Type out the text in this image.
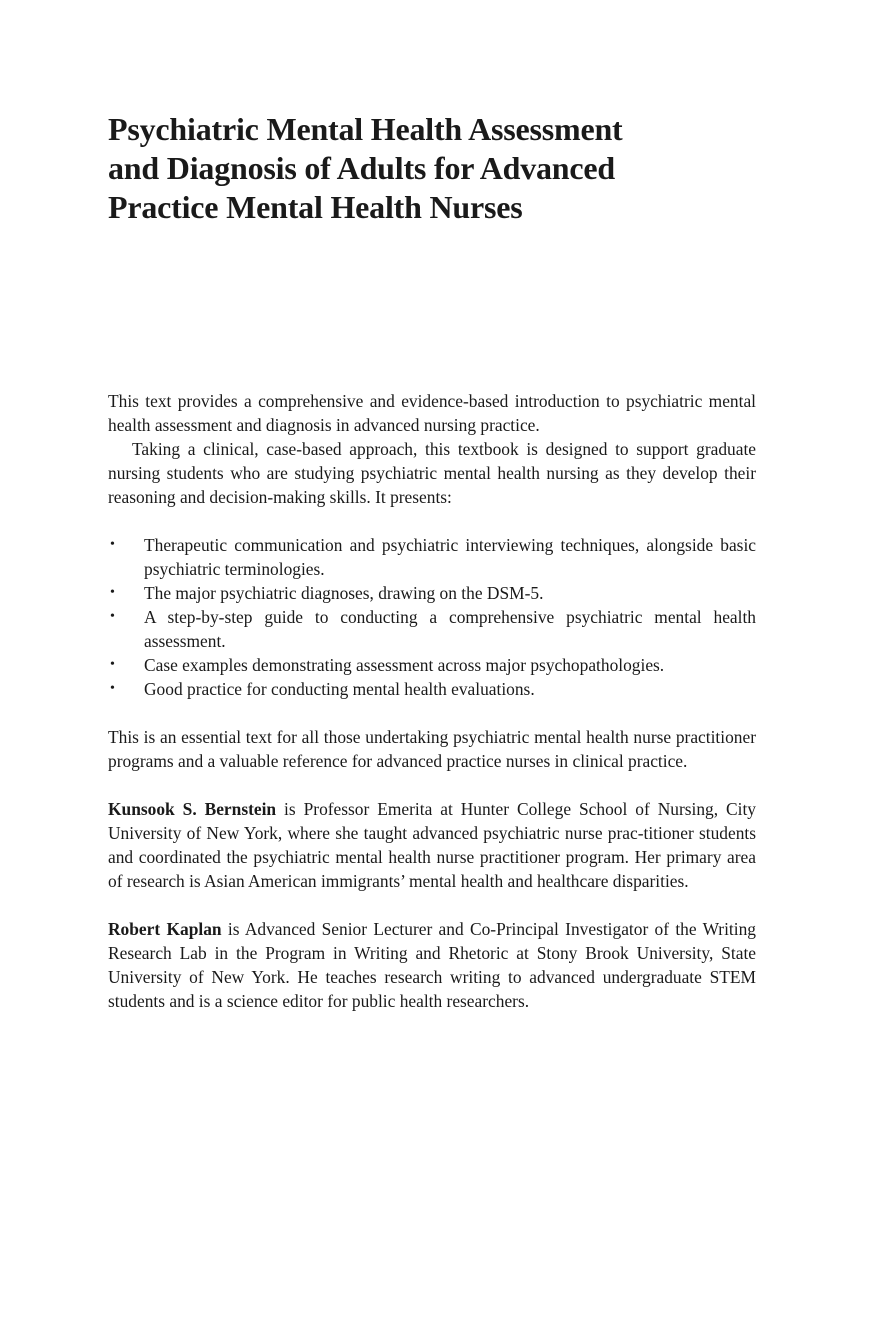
Psychiatric Mental Health Assessment
and Diagnosis of Adults for Advanced
Practice Mental Health Nurses

This text provides a comprehensive and evidence-based introduction to psychiatric mental health assessment and diagnosis in advanced nursing practice.

Taking a clinical, case-based approach, this textbook is designed to support graduate nursing students who are studying psychiatric mental health nursing as they develop their reasoning and decision-making skills. It presents:

• Therapeutic communication and psychiatric interviewing techniques, alongside basic psychiatric terminologies.
• The major psychiatric diagnoses, drawing on the DSM-5.
• A step-by-step guide to conducting a comprehensive psychiatric mental health assessment.
• Case examples demonstrating assessment across major psychopathologies.
• Good practice for conducting mental health evaluations.

This is an essential text for all those undertaking psychiatric mental health nurse practitioner programs and a valuable reference for advanced practice nurses in clinical practice.

Kunsook S. Bernstein is Professor Emerita at Hunter College School of Nursing, City University of New York, where she taught advanced psychiatric nurse prac-titioner students and coordinated the psychiatric mental health nurse practitioner program. Her primary area of research is Asian American immigrants’ mental health and healthcare disparities.

Robert Kaplan is Advanced Senior Lecturer and Co-Principal Investigator of the Writing Research Lab in the Program in Writing and Rhetoric at Stony Brook University, State University of New York. He teaches research writing to advanced undergraduate STEM students and is a science editor for public health researchers.
